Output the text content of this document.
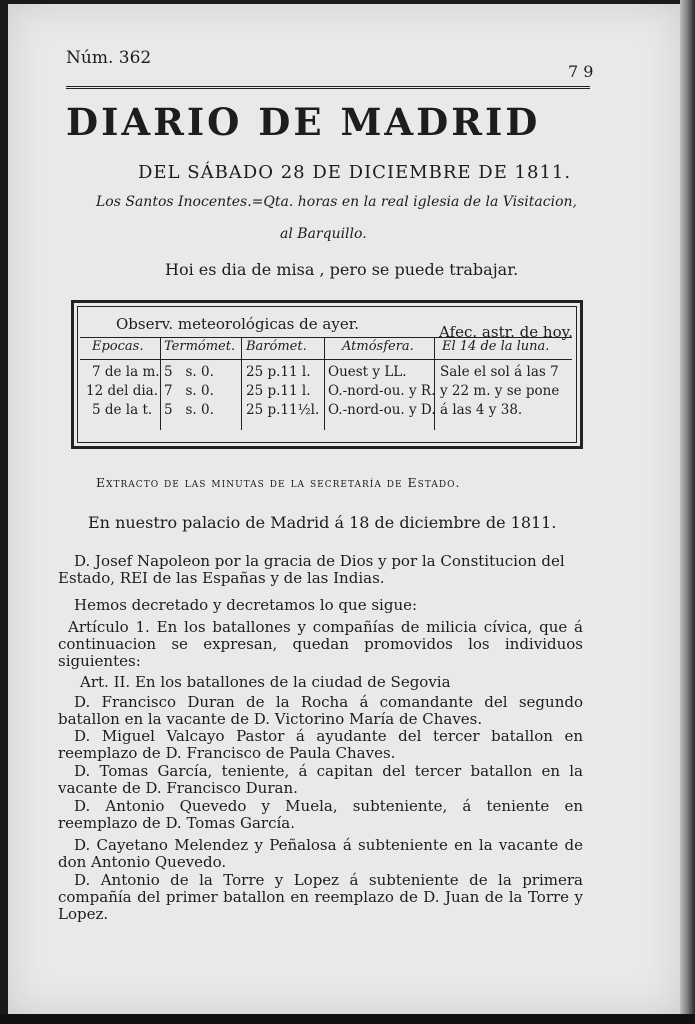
Núm. 362
7 9
DIARIO DE MADRID
DEL SÁBADO 28 DE DICIEMBRE DE 1811.
Los Santos Inocentes.=Qta. horas en la real iglesia de la Visitacion,
al Barquillo.
Hoi es dia de misa , pero se puede trabajar.
Observ. meteorológicas de ayer.	Afec. astr. de hoy.
Epocas. Termómet. Barómet.	Atmósfera. El 14 de la luna.
7 de la m.
12 del dia.
5 de la t.
5   s. 0.
7   s. 0.
5   s. 0.
25 p.11 l.
25 p.11 l.
25 p.11½l.
Ouest y LL.
O.-nord-ou. y R.
O.-nord-ou. y D.
Sale el sol á las 7
y 22 m. y se pone
á las 4 y 38.
Extracto de las minutas de la secretaría de Estado.
En nuestro palacio de Madrid á 18 de diciembre de 1811.
D. Josef Napoleon por la gracia de Dios y por la Constitucion del Estado, REI de las Españas y de las Indias.
Hemos decretado y decretamos lo que sigue:
Artículo 1. En los batallones y compañías de milicia cívica, que á continuacion se expresan, quedan promovidos los individuos siguientes:
Art. II. En los batallones de la ciudad de Segovia
D. Francisco Duran de la Rocha á comandante del segundo batallon en la vacante de D. Victorino María de Chaves.
D. Miguel Valcayo Pastor á ayudante del tercer batallon en reemplazo de D. Francisco de Paula Chaves.
D. Tomas García, teniente, á capitan del tercer batallon en la vacante de D. Francisco Duran.
D. Antonio Quevedo y Muela, subteniente, á teniente en reemplazo de D. Tomas García.
D. Cayetano Melendez y Peñalosa á subteniente en la vacante de don Antonio Quevedo.
D. Antonio de la Torre y Lopez á subteniente de la primera compañía del primer batallon en reemplazo de D. Juan de la Torre y Lopez.
